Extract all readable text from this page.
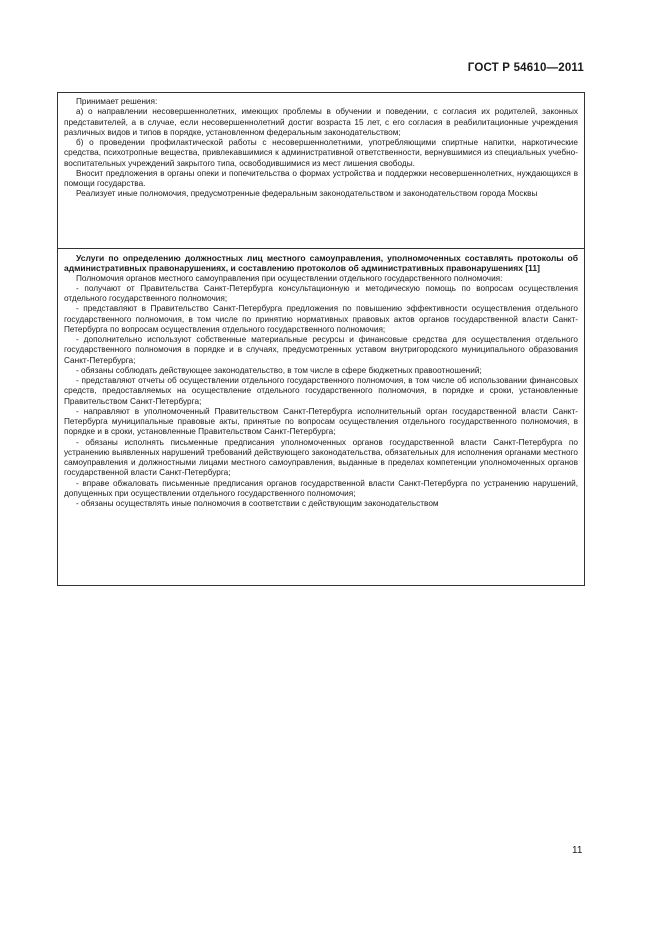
ГОСТ Р 54610—2011

Принимает решения:

а) о направлении несовершеннолетних, имеющих проблемы в обучении и поведении, с согласия их родителей, законных представителей, а в случае, если несовершеннолетний достиг возраста 15 лет, с его согласия в реабилитационные учреждения различных видов и типов в порядке, установленном федеральным законодательством;

б) о проведении профилактической работы с несовершеннолетними, употребляющими спиртные напитки, наркотические средства, психотропные вещества, привлекавшимися к административной ответственности, вернувшимися из специальных учебно-воспитательных учреждений закрытого типа, освободившимися из мест лишения свободы.

Вносит предложения в органы опеки и попечительства о формах устройства и поддержки несовершеннолетних, нуждающихся в помощи государства.

Реализует иные полномочия, предусмотренные федеральным законодательством и законодательством города Москвы

Услуги по определению должностных лиц местного самоуправления, уполномоченных составлять протоколы об административных правонарушениях, и составлению протоколов об административных правонарушениях [11]

Полномочия органов местного самоуправления при осуществлении отдельного государственного полномочия:

- получают от Правительства Санкт-Петербурга консультационную и методическую помощь по вопросам осуществления отдельного государственного полномочия;

- представляют в Правительство Санкт-Петербурга предложения по повышению эффективности осуществления отдельного государственного полномочия, в том числе по принятию нормативных правовых актов органов государственной власти Санкт-Петербурга по вопросам осуществления отдельного государственного полномочия;

- дополнительно используют собственные материальные ресурсы и финансовые средства для осуществления отдельного государственного полномочия в порядке и в случаях, предусмотренных уставом внутригородского муниципального образования Санкт-Петербурга;

- обязаны соблюдать действующее законодательство, в том числе в сфере бюджетных правоотношений;

- представляют отчеты об осуществлении отдельного государственного полномочия, в том числе об использовании финансовых средств, предоставляемых на осуществление отдельного государственного полномочия, в порядке и сроки, установленные Правительством Санкт-Петербурга;

- направляют в уполномоченный Правительством Санкт-Петербурга исполнительный орган государственной власти Санкт-Петербурга муниципальные правовые акты, принятые по вопросам осуществления отдельного государственного полномочия, в порядке и в сроки, установленные Правительством Санкт-Петербурга;

- обязаны исполнять письменные предписания уполномоченных органов государственной власти Санкт-Петербурга по устранению выявленных нарушений требований действующего законодательства, обязательных для исполнения органами местного самоуправления и должностными лицами местного самоуправления, выданные в пределах компетенции уполномоченных органов государственной власти Санкт-Петербурга;

- вправе обжаловать письменные предписания органов государственной власти Санкт-Петербурга по устранению нарушений, допущенных при осуществлении отдельного государственного полномочия;

- обязаны осуществлять иные полномочия в соответствии с действующим законодательством

11
